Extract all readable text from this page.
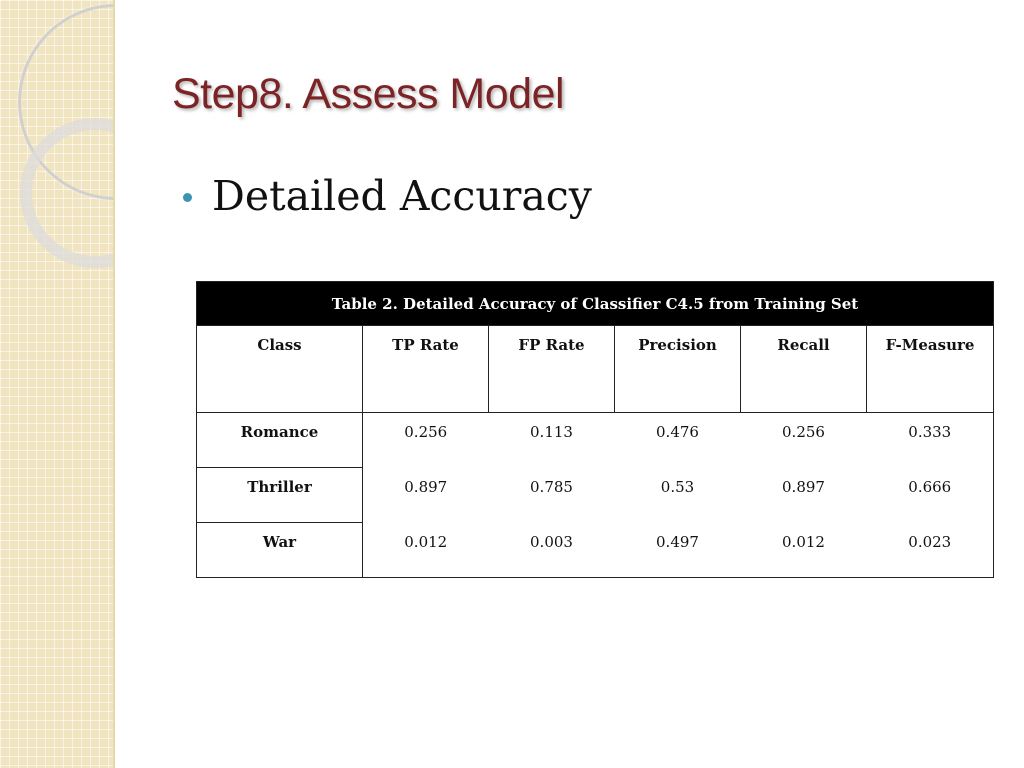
Step8. Assess Model
Detailed Accuracy
Table 2. Detailed Accuracy of Classifier C4.5 from Training Set					

Class	TP Rate	FP Rate	Precision	Recall	F-Measure

Romance	0.256	0.113	0.476	0.256	0.333

Thriller	0.897	0.785	0.53	0.897	0.666

War	0.012	0.003	0.497	0.012	0.023
